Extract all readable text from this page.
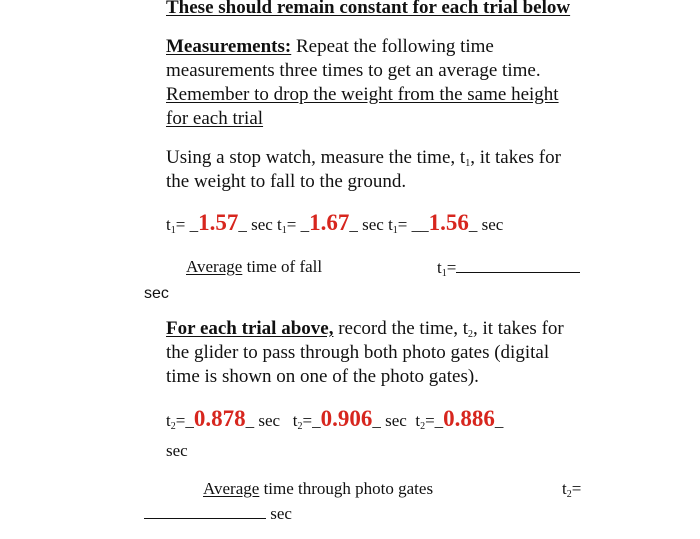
These should remain constant for each trial below
Measurements: Repeat the following time
measurements three times to get an average time.
Remember to drop the weight from the same height
for each trial
Using a stop watch, measure the time, $t_1$, it takes for
the weight to fall to the ground.
$t_1=$ _1.57_ $\sec t_1=$ _1.67_ $\sec t_1=$ __1.56_ sec
Average time of fall	$t_1=$
sec
For each trial above, record the time, $t_2$, it takes for
the glider to pass through both photo gates (digital
time is shown on one of the photo gates).
$t_2=\_0.878\_$ $\sec t_2=\_0.906\_$ $\sec t_2=\_0.886\_$
sec
Average time through photo gates	$t_2=$
sec
